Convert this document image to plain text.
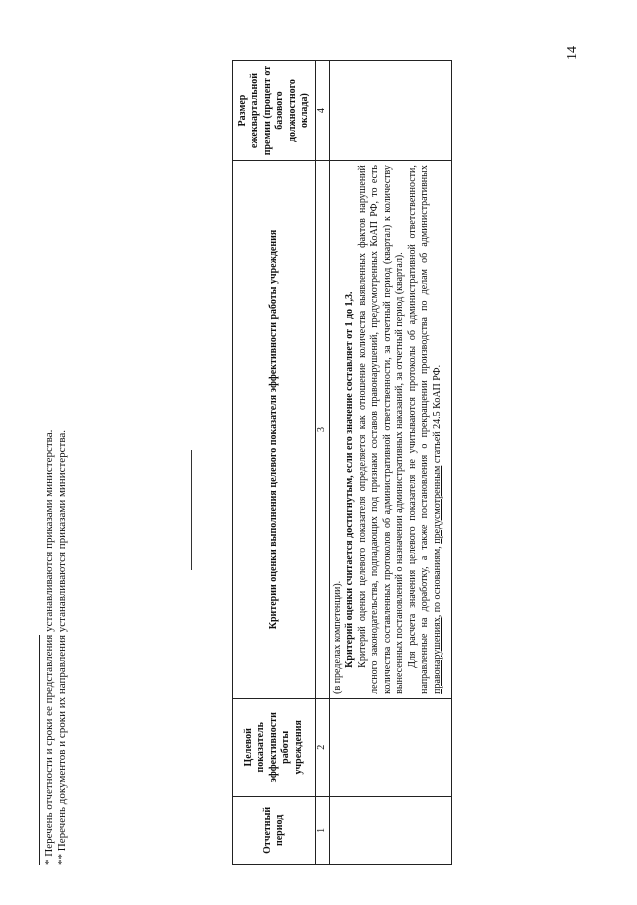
14
Отчетный период	Целевой показатель эффективности работы учреждения	Критерии оценки выполнения целевого показателя эффективности работы учреждения	Размер ежеквартальной премии (процент от базового должностного оклада)
1	2	3	4

		(в пределах компетенции). Критерий оценки считается достигнутым, если его значение составляет от 1 до 1,3. Критерий оценки целевого показателя определяется как отношение количества выявленных фактов нарушений лесного законодательства, подпадающих под признаки составов правонарушений, предусмотренных КоАП РФ, то есть количества составленных протоколов об административной ответственности, за отчетный период (квартал) к количеству вынесенных постановлений о назначении административных наказаний, за отчетный период (квартал). Для расчета значения целевого показателя не учитываются протоколы об административной ответственности, направленные на доработку, а также постановления о прекращении производства по делам об административных правонарушениях, по основаниям, предусмотренным статьей 24.5 КоАП РФ.	

* Перечень отчетности и сроки ее представления устанавливаются приказами министерства. ** Перечень документов и сроки их направления устанавливаются приказами министерства.
